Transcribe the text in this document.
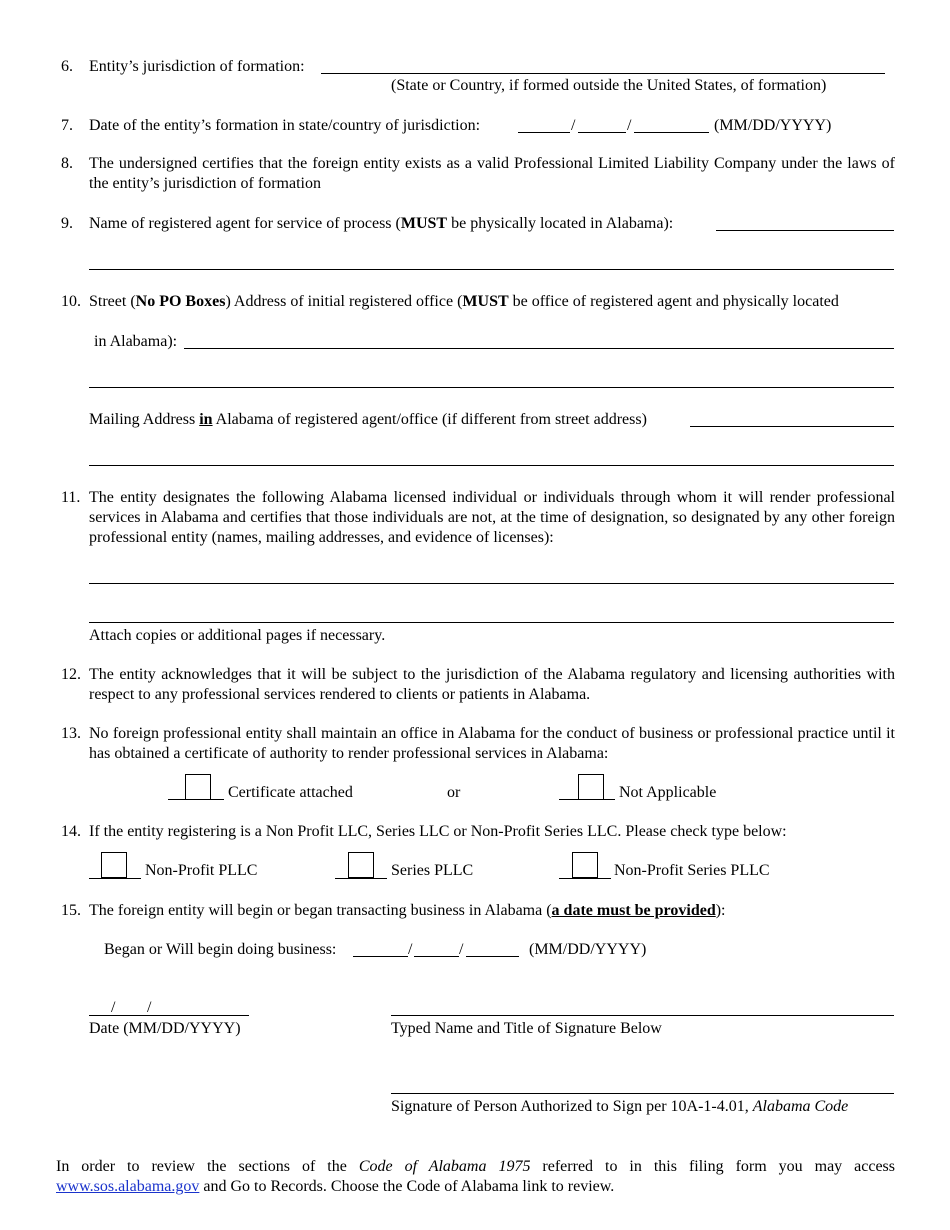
6. Entity’s jurisdiction of formation:
(State or Country, if formed outside the United States, of formation)
7. Date of the entity’s formation in state/country of jurisdiction:	/	/	(MM/DD/YYYY)
8. The undersigned certifies that the foreign entity exists as a valid Professional Limited Liability Company under the laws of the entity’s jurisdiction of formation
9. Name of registered agent for service of process (MUST be physically located in Alabama):
10. Street (No PO Boxes) Address of initial registered office (MUST be office of registered agent and physically located
in Alabama):
Mailing Address in Alabama of registered agent/office (if different from street address)
11. The entity designates the following Alabama licensed individual or individuals through whom it will render professional services in Alabama and certifies that those individuals are not, at the time of designation, so designated by any other foreign professional entity (names, mailing addresses, and evidence of licenses):
Attach copies or additional pages if necessary.
12. The entity acknowledges that it will be subject to the jurisdiction of the Alabama regulatory and licensing authorities with respect to any professional services rendered to clients or patients in Alabama.
13. No foreign professional entity shall maintain an office in Alabama for the conduct of business or professional practice until it has obtained a certificate of authority to render professional services in Alabama:
Certificate attached	or	Not Applicable
14. If the entity registering is a Non Profit LLC, Series LLC or Non-Profit Series LLC. Please check type below:
Non-Profit PLLC	Series PLLC	Non-Profit Series PLLC
15. The foreign entity will begin or began transacting business in Alabama (a date must be provided):
Began or Will begin doing business:	/	/	(MM/DD/YYYY)
/ /
Date (MM/DD/YYYY)	Typed Name and Title of Signature Below
Signature of Person Authorized to Sign per 10A-1-4.01, Alabama Code
In order to review the sections of the Code of Alabama 1975 referred to in this filing form you may access
www.sos.alabama.gov and Go to Records. Choose the Code of Alabama link to review.
